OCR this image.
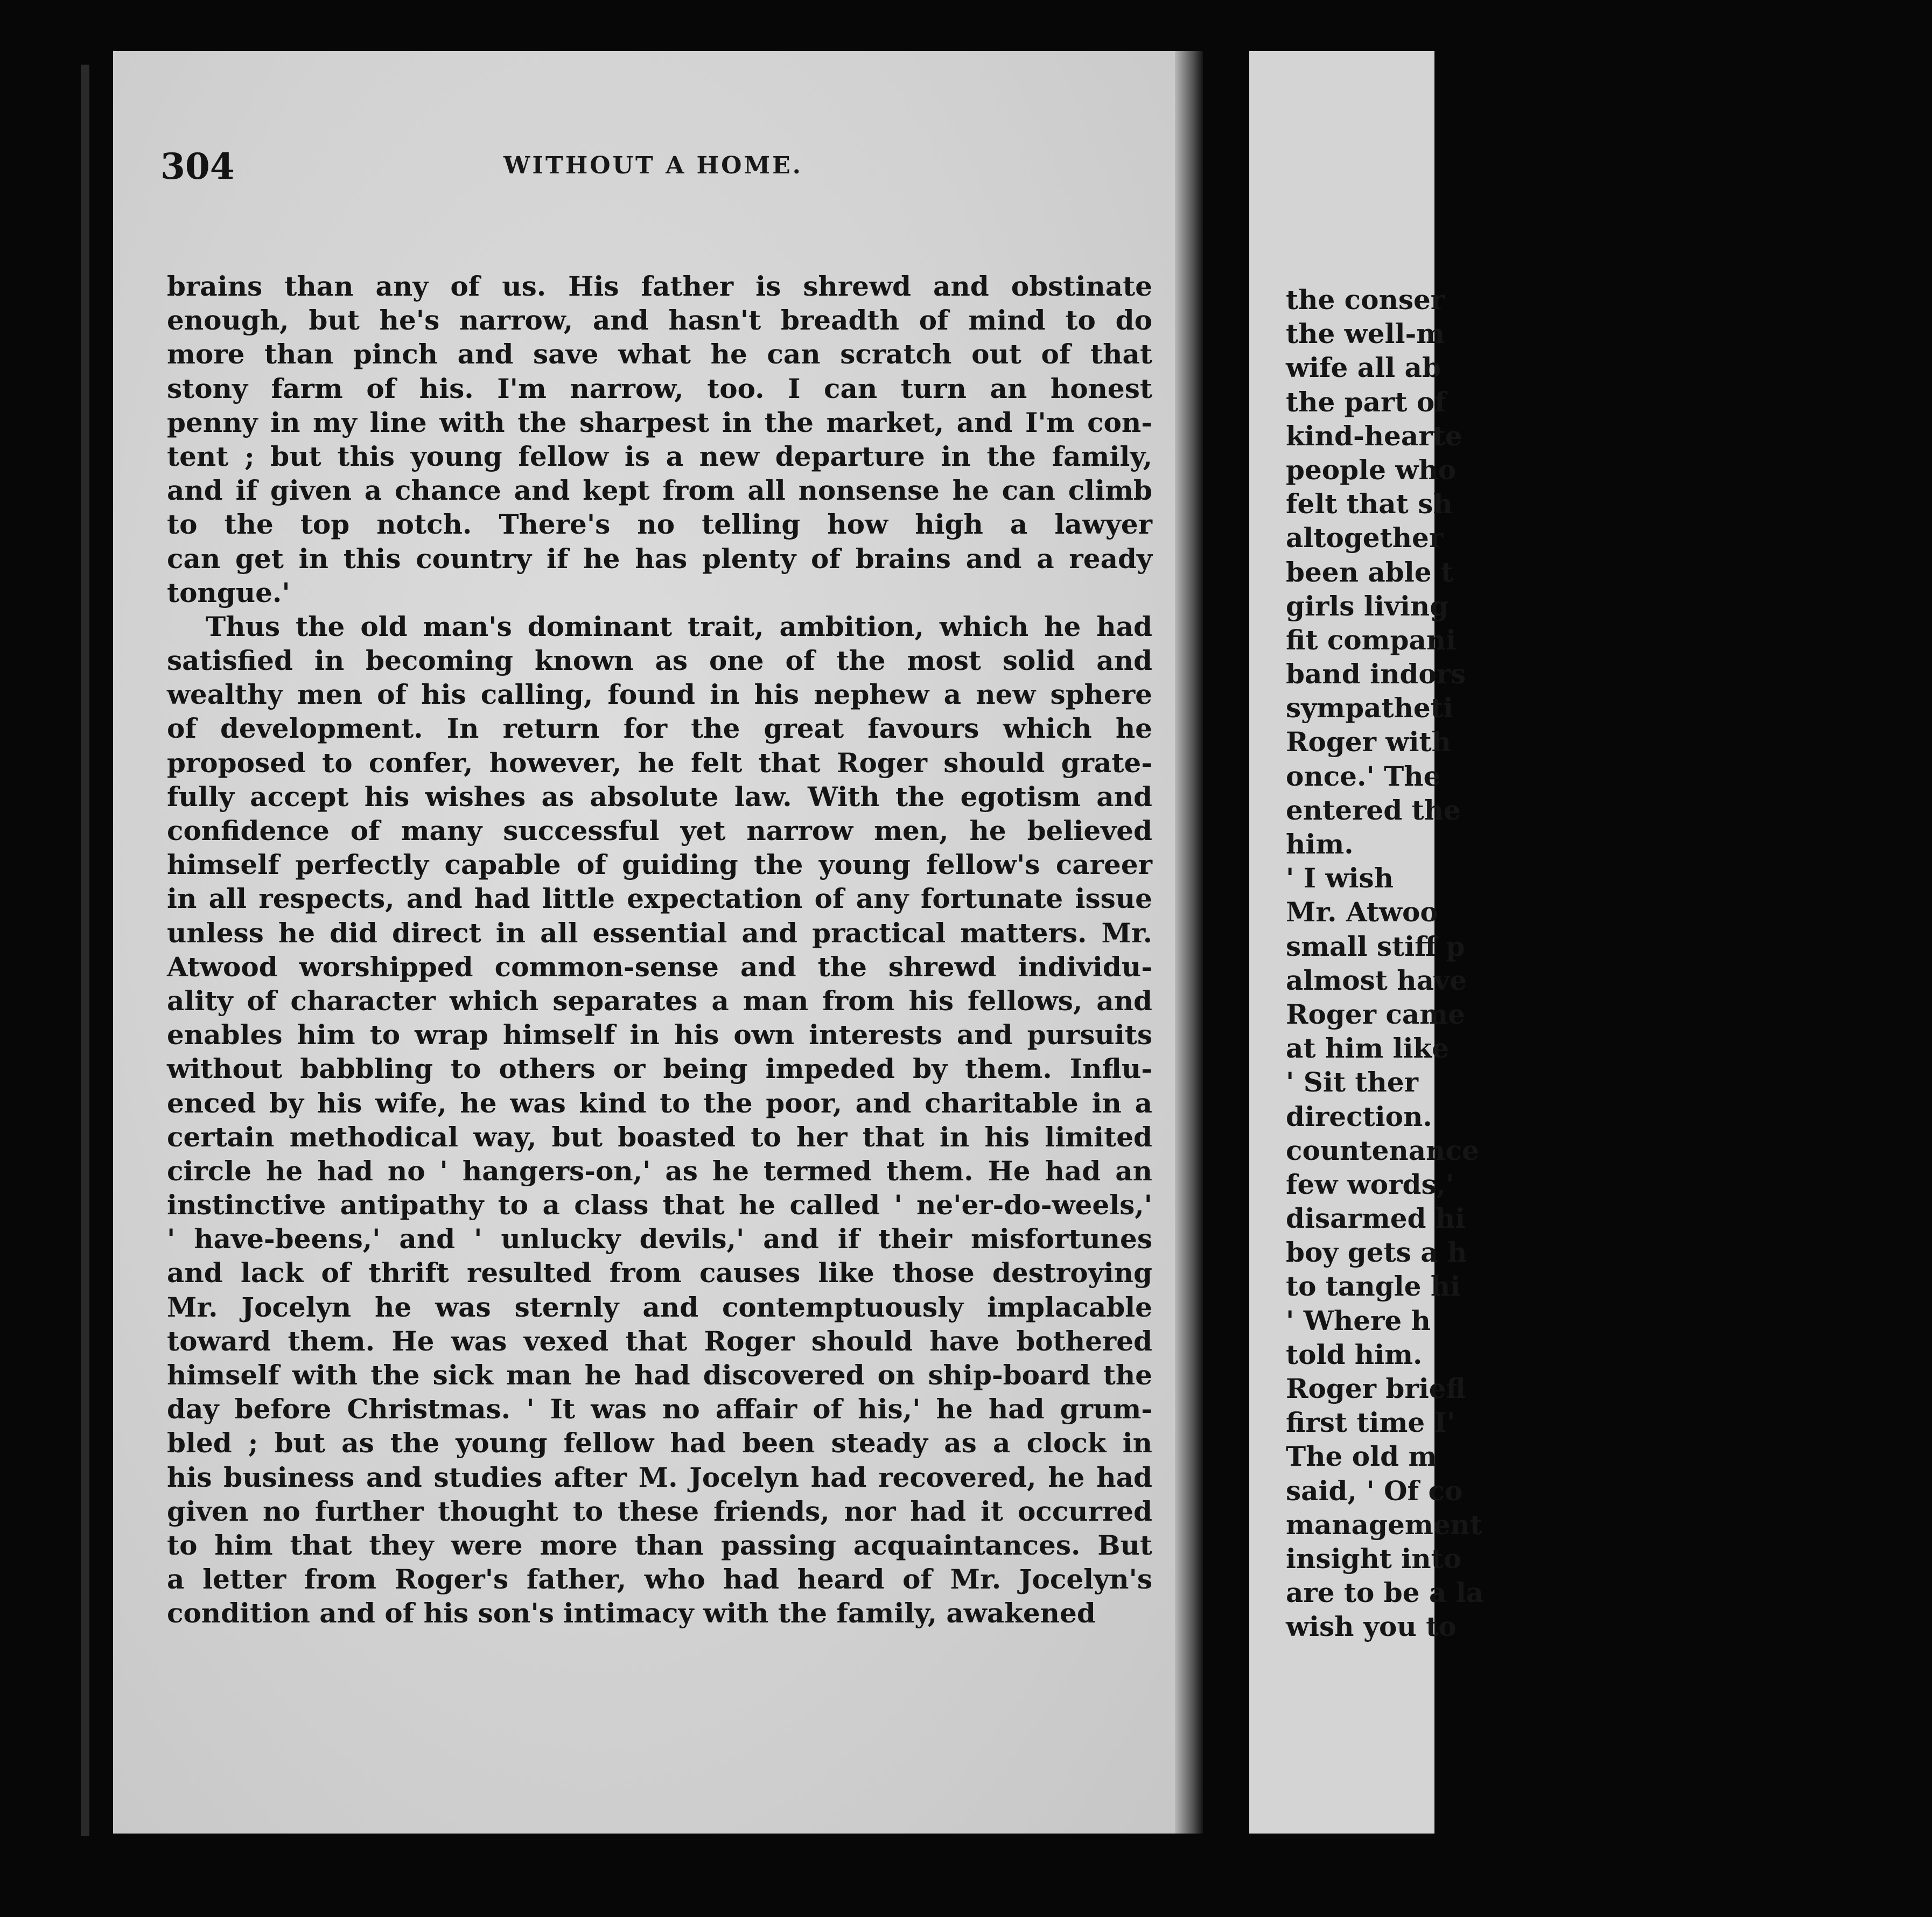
304	WITHOUT A HOME.
brains than any of us. His father is shrewd and obstinate
enough, but he's narrow, and hasn't breadth of mind to do
more than pinch and save what he can scratch out of that
stony farm of his. I'm narrow, too. I can turn an honest
penny in my line with the sharpest in the market, and I'm con-
tent ; but this young fellow is a new departure in the family,
and if given a chance and kept from all nonsense he can climb
to the top notch. There's no telling how high a lawyer
can get in this country if he has plenty of brains and a ready
tongue.'
Thus the old man's dominant trait, ambition, which he had
satisfied in becoming known as one of the most solid and
wealthy men of his calling, found in his nephew a new sphere
of development. In return for the great favours which he
proposed to confer, however, he felt that Roger should grate-
fully accept his wishes as absolute law. With the egotism and
confidence of many successful yet narrow men, he believed
himself perfectly capable of guiding the young fellow's career
in all respects, and had little expectation of any fortunate issue
unless he did direct in all essential and practical matters. Mr.
Atwood worshipped common-sense and the shrewd individu-
ality of character which separates a man from his fellows, and
enables him to wrap himself in his own interests and pursuits
without babbling to others or being impeded by them. Influ-
enced by his wife, he was kind to the poor, and charitable in a
certain methodical way, but boasted to her that in his limited
circle he had no ' hangers-on,' as he termed them. He had an
instinctive antipathy to a class that he called ' ne'er-do-weels,'
' have-beens,' and ' unlucky devils,' and if their misfortunes
and lack of thrift resulted from causes like those destroying
Mr. Jocelyn he was sternly and contemptuously implacable
toward them. He was vexed that Roger should have bothered
himself with the sick man he had discovered on ship-board the
day before Christmas. ' It was no affair of his,' he had grum-
bled ; but as the young fellow had been steady as a clock in
his business and studies after M. Jocelyn had recovered, he had
given no further thought to these friends, nor had it occurred
to him that they were more than passing acquaintances. But
a letter from Roger's father, who had heard of Mr. Jocelyn's
condition and of his son's intimacy with the family, awakened
the conser
the well-m
wife all ab
the part of
kind-hearte
people who
felt that sh
altogether
been able t
girls living
fit compani
band indors
sympatheti
Roger with
once.' The
entered the
him.
' I wish
Mr. Atwoo
small stiff p
almost have
Roger came
at him like
' Sit ther
direction.
countenance
few words,'
disarmed hi
boy gets a h
to tangle hi
' Where h
told him.
Roger briefl
first time I'
The old m
said, ' Of co
management
insight into
are to be a la
wish you to
